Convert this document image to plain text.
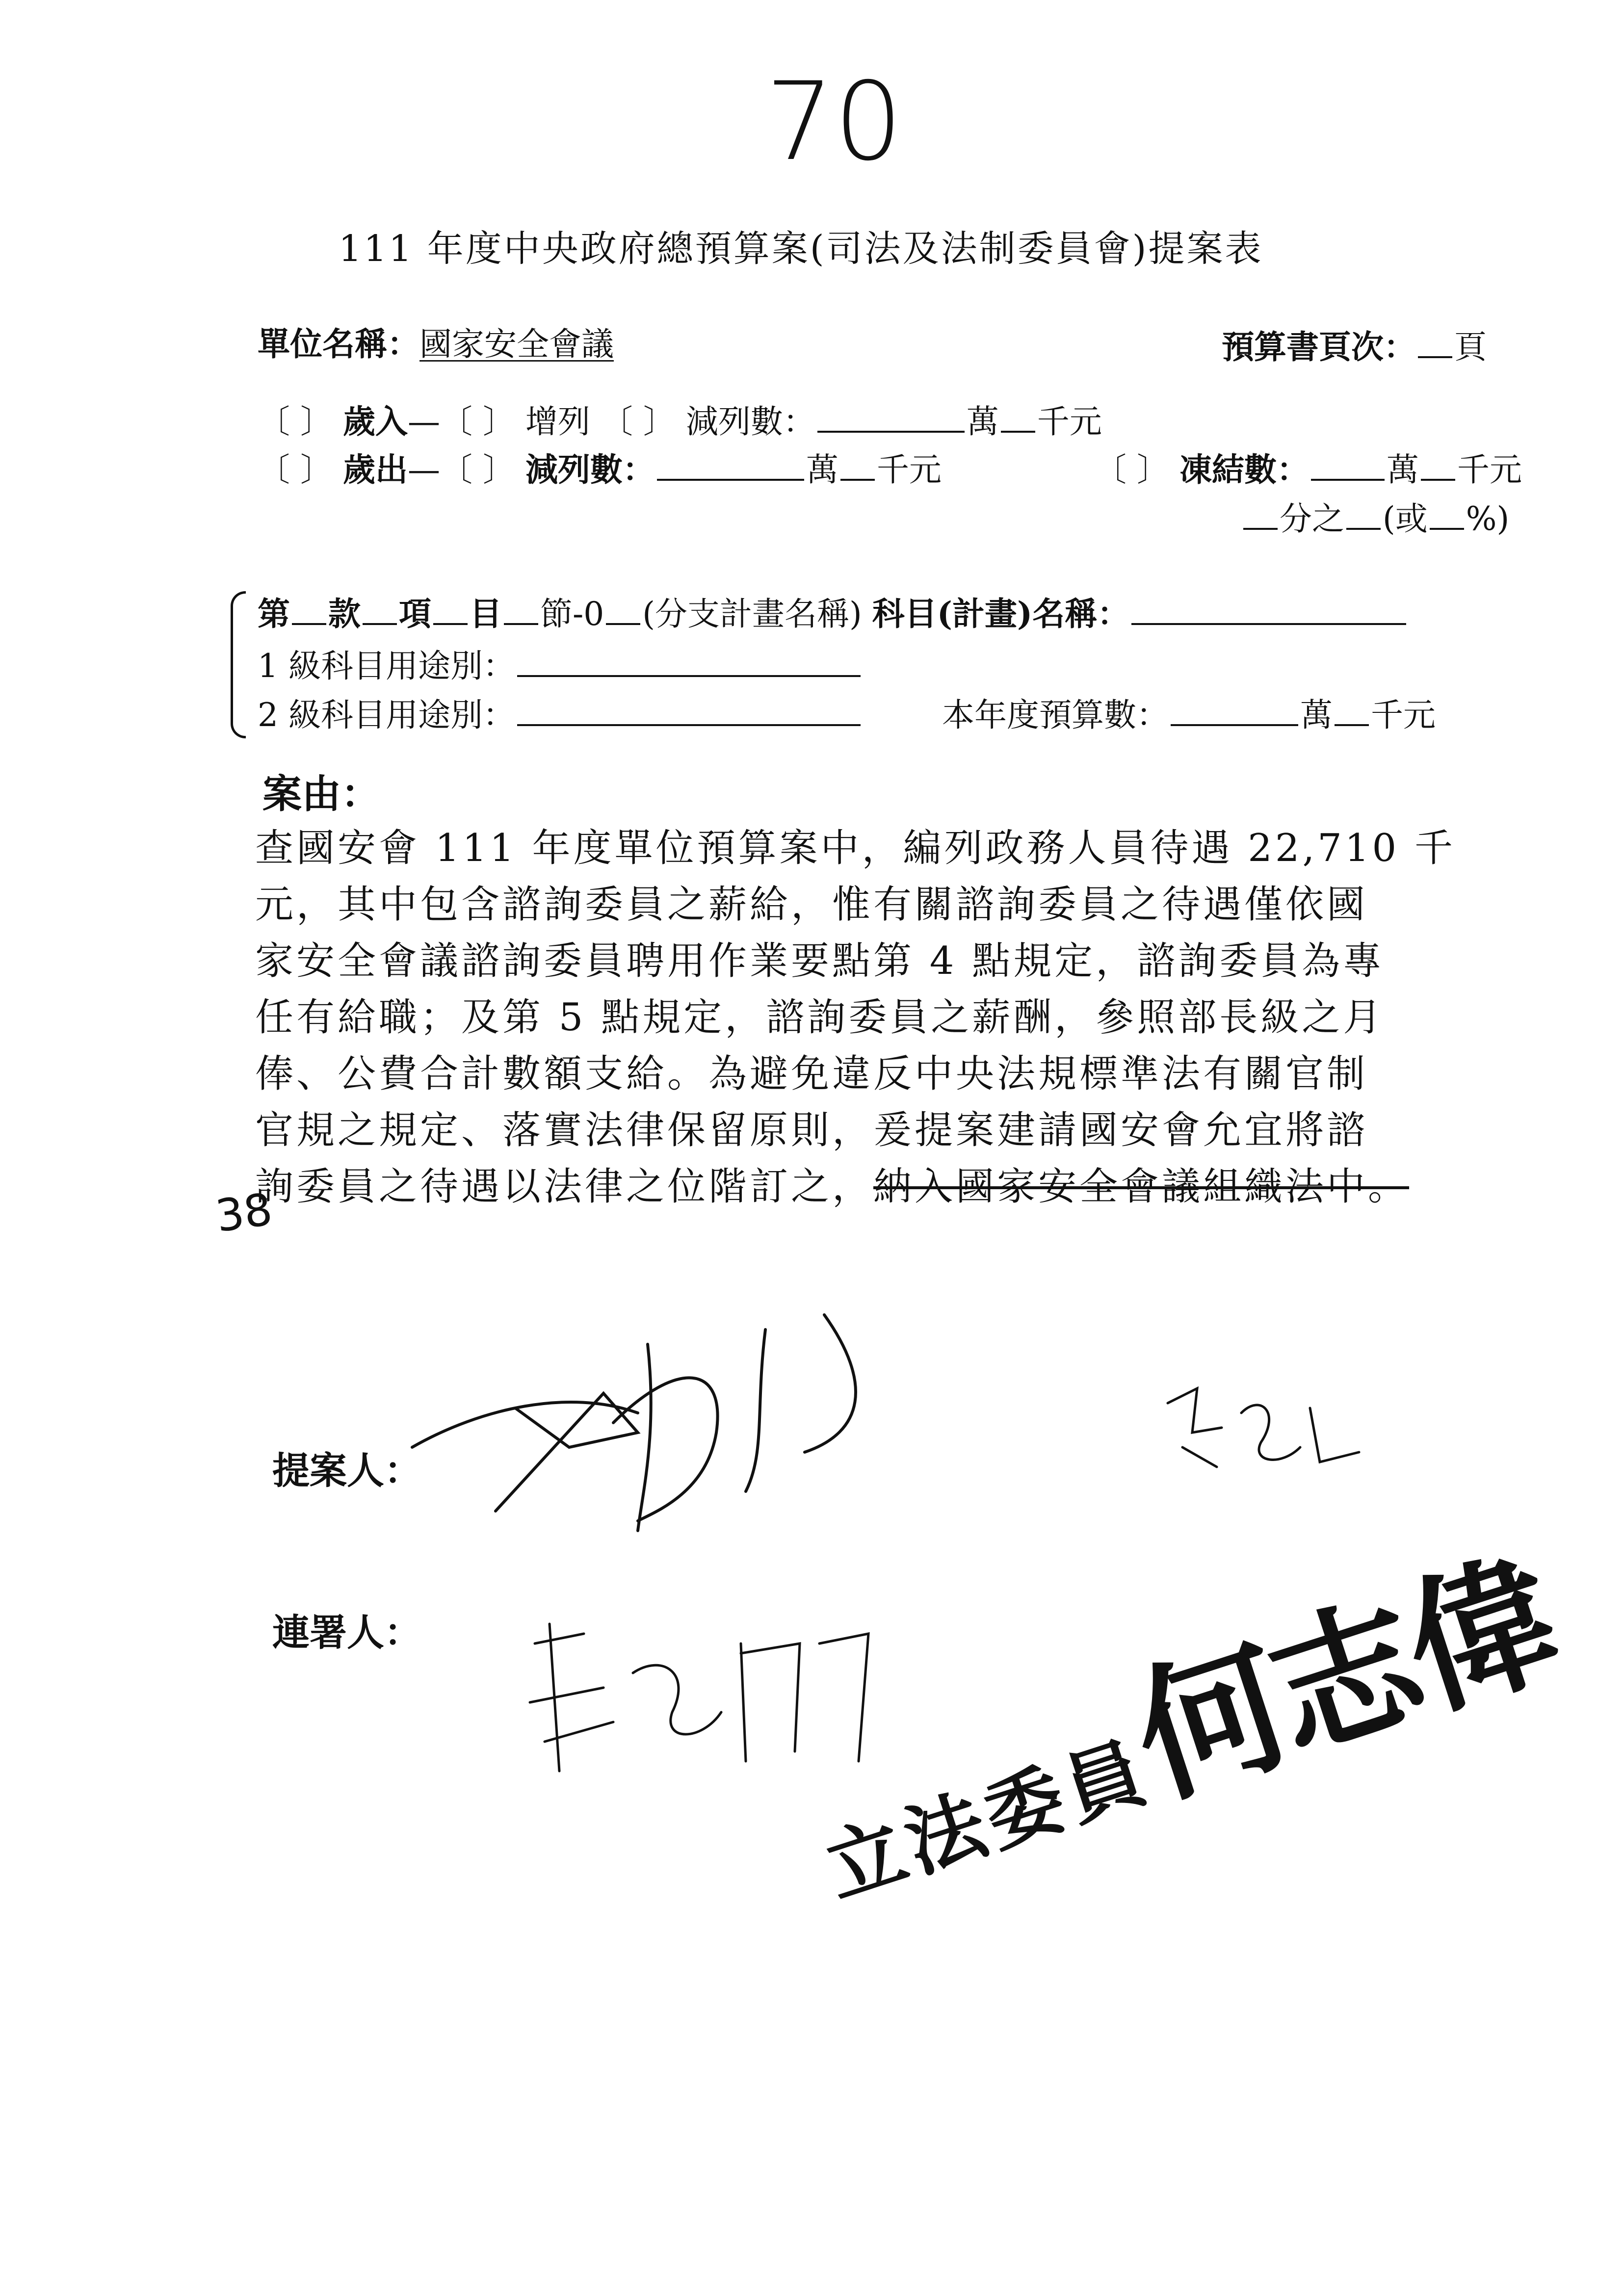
70
111 年度中央政府總預算案(司法及法制委員會)提案表
單位名稱：國家安全會議	預算書頁次： 頁
〔 〕 歲入—〔 〕 增列 〔 〕 減列數：	萬 千元
〔 〕 歲出—〔 〕 減列數：	萬 千元	〔 〕 凍結數： 萬 千元
分之 (或 %)
第 款 項 目 節-0 (分支計畫名稱) 科目(計畫)名稱：
1 級科目用途別：
2 級科目用途別：	本年度預算數：	萬 千元
案由：
查國安會 111 年度單位預算案中，編列政務人員待遇 22,710 千
元，其中包含諮詢委員之薪給，惟有關諮詢委員之待遇僅依國
家安全會議諮詢委員聘用作業要點第 4 點規定，諮詢委員為專
任有給職；及第 5 點規定，諮詢委員之薪酬，參照部長級之月
俸、公費合計數額支給。為避免違反中央法規標準法有關官制
官規之規定、落實法律保留原則，爰提案建請國安會允宜將諮
詢委員之待遇以法律之位階訂之，納入國家安全會議組織法中。
38
提案人：
連署人：
立法委員 何志偉
